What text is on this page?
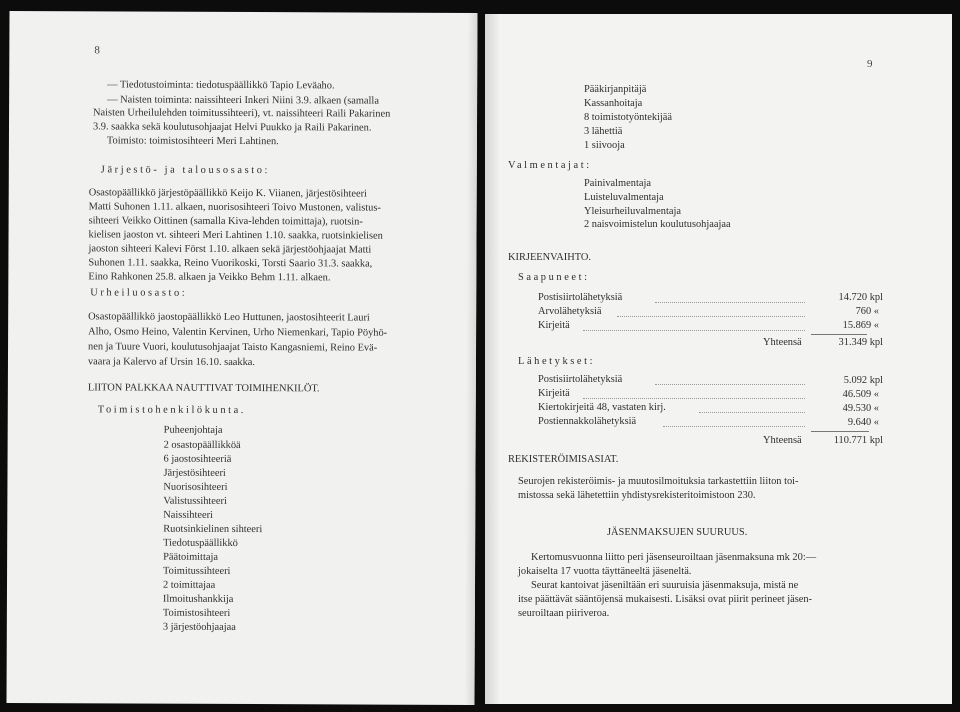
8
— Tiedotustoiminta: tiedotuspäällikkö Tapio Leväaho.
— Naisten toiminta: naissihteeri Inkeri Niini 3.9. alkaen (samalla
Naisten Urheilulehden toimitussihteeri), vt. naissihteeri Raili Pakarinen
3.9. saakka sekä koulutusohjaajat Helvi Puukko ja Raili Pakarinen.
Toimisto: toimistosihteeri Meri Lahtinen.
Järjestö- ja talousosasto:
Osastopäällikkö järjestöpäällikkö Keijo K. Viianen, järjestösihteeri
Matti Suhonen 1.11. alkaen, nuorisosihteeri Toivo Mustonen, valistus-
sihteeri Veikko Oittinen (samalla Kiva-lehden toimittaja), ruotsin-
kielisen jaoston vt. sihteeri Meri Lahtinen 1.10. saakka, ruotsinkielisen
jaoston sihteeri Kalevi Först 1.10. alkaen sekä järjestöohjaajat Matti
Suhonen 1.11. saakka, Reino Vuorikoski, Torsti Saario 31.3. saakka,
Eino Rahkonen 25.8. alkaen ja Veikko Behm 1.11. alkaen.
Urheiluosasto:
Osastopäällikkö jaostopäällikkö Leo Huttunen, jaostosihteerit Lauri
Alho, Osmo Heino, Valentin Kervinen, Urho Niemenkari, Tapio Pöyhö-
nen ja Tuure Vuori, koulutusohjaajat Taisto Kangasniemi, Reino Evä-
vaara ja Kalervo af Ursin 16.10. saakka.
LIITON PALKKAA NAUTTIVAT TOIMIHENKILÖT.
Toimistohenkilökunta.
Puheenjohtaja
2 osastopäällikköä
6 jaostosihteeriä
Järjestösihteeri
Nuorisosihteeri
Valistussihteeri
Naissihteeri
Ruotsinkielinen sihteeri
Tiedotuspäällikkö
Päätoimittaja
Toimitussihteeri
2 toimittajaa
Ilmoitushankkija
Toimistosihteeri
3 järjestöohjaajaa
9
Pääkirjanpitäjä
Kassanhoitaja
8 toimistotyöntekijää
3 lähettiä
1 siivooja
Valmentajat:
Painivalmentaja
Luisteluvalmentaja
Yleisurheiluvalmentaja
2 naisvoimistelun koulutusohjaajaa
KIRJEENVAIHTO.
Saapuneet:
Postisiirtolähetyksiä	14.720 kpl
Arvolähetyksiä	760 «
Kirjeitä	15.869 «
Yhteensä	31.349 kpl
Lähetykset:
Postisiirtolähetyksiä	5.092 kpl
Kirjeitä	46.509 «
Kiertokirjeitä 48, vastaten kirj.	49.530 «
Postiennakkolähetyksiä	9.640 «
Yhteensä	110.771 kpl
REKISTERÖIMISASIAT.
Seurojen rekisteröimis- ja muutosilmoituksia tarkastettiin liiton toi-
mistossa sekä lähetettiin yhdistysrekisteritoimistoon 230.
JÄSENMAKSUJEN SUURUUS.
Kertomusvuonna liitto peri jäsenseuroiltaan jäsenmaksuna mk 20:—
jokaiselta 17 vuotta täyttäneeltä jäseneltä.
Seurat kantoivat jäseniltään eri suuruisia jäsenmaksuja, mistä ne
itse päättävät sääntöjensä mukaisesti. Lisäksi ovat piirit perineet jäsen-
seuroiltaan piiriveroa.
